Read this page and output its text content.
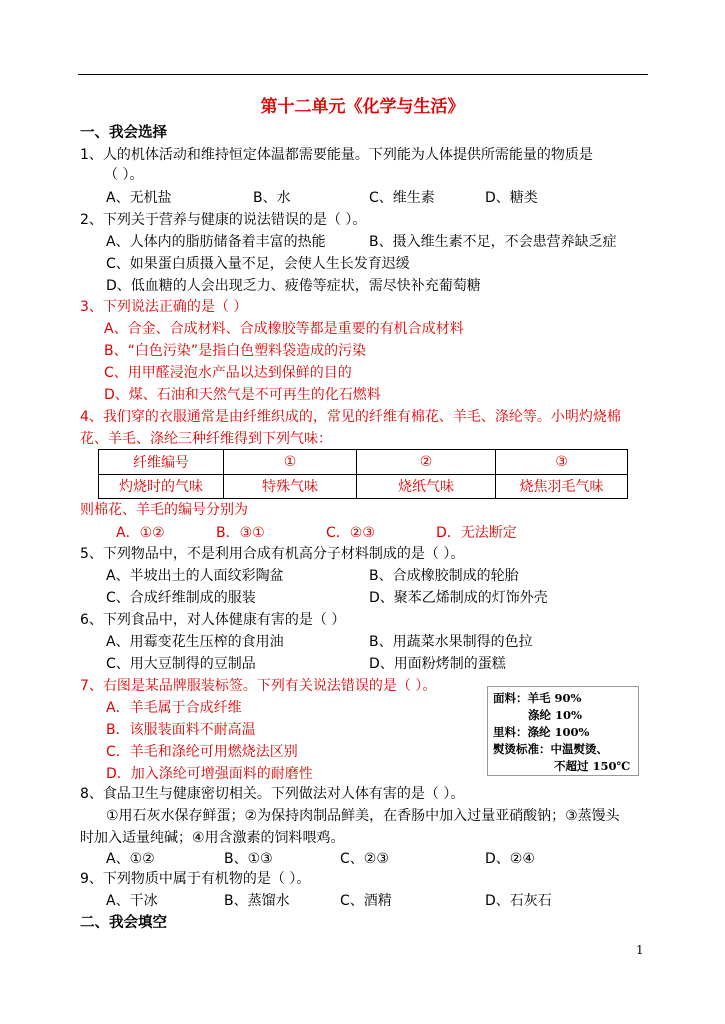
第十二单元《化学与生活》
一、我会选择
1、人的机体活动和维持恒定体温都需要能量。下列能为人体提供所需能量的物质是
（ ）。
A、无机盐	B、水	C、维生素	D、糖类
2、下列关于营养与健康的说法错误的是（ ）。
A、人体内的脂肪储备着丰富的热能	B、摄入维生素不足，不会患营养缺乏症
C、如果蛋白质摄入量不足，会使人生长发育迟缓
D、低血糖的人会出现乏力、疲倦等症状，需尽快补充葡萄糖
3、下列说法正确的是（ ）
A、合金、合成材料、合成橡胶等都是重要的有机合成材料
B、“白色污染”是指白色塑料袋造成的污染
C、用甲醛浸泡水产品以达到保鲜的目的
D、煤、石油和天然气是不可再生的化石燃料
4、我们穿的衣服通常是由纤维织成的，常见的纤维有棉花、羊毛、涤纶等。小明灼烧棉
花、羊毛、涤纶三种纤维得到下列气味：
纤维编号	①	②	③
灼烧时的气味	特殊气味	烧纸气味	烧焦羽毛气味
则棉花、羊毛的编号分别为
A．①②	B．③①	C．②③	D．无法断定
5、下列物品中，不是利用合成有机高分子材料制成的是（ ）。
A、半坡出土的人面纹彩陶盆	B、合成橡胶制成的轮胎
C、合成纤维制成的服装	D、聚苯乙烯制成的灯饰外壳
6、下列食品中，对人体健康有害的是（ ）
A、用霉变花生压榨的食用油	B、用蔬菜水果制得的色拉
C、用大豆制得的豆制品	D、用面粉烤制的蛋糕
7、右图是某品牌服装标签。下列有关说法错误的是（ ）。
A．羊毛属于合成纤维
B．该服装面料不耐高温
C．羊毛和涤纶可用燃烧法区别
D．加入涤纶可增强面料的耐磨性
面料：羊毛 90%
涤纶 10%
里料：涤纶 100%
熨烫标准：中温熨烫、
不超过 150℃
8、食品卫生与健康密切相关。下列做法对人体有害的是（ ）。
①用石灰水保存鲜蛋；②为保持肉制品鲜美，在香肠中加入过量亚硝酸钠；③蒸馒头
时加入适量纯碱；④用含激素的饲料喂鸡。
A、①②	B、①③	C、②③	D、②④
9、下列物质中属于有机物的是（ ）。
A、干冰	B、蒸馏水	C、酒精	D、石灰石
二、我会填空
1
